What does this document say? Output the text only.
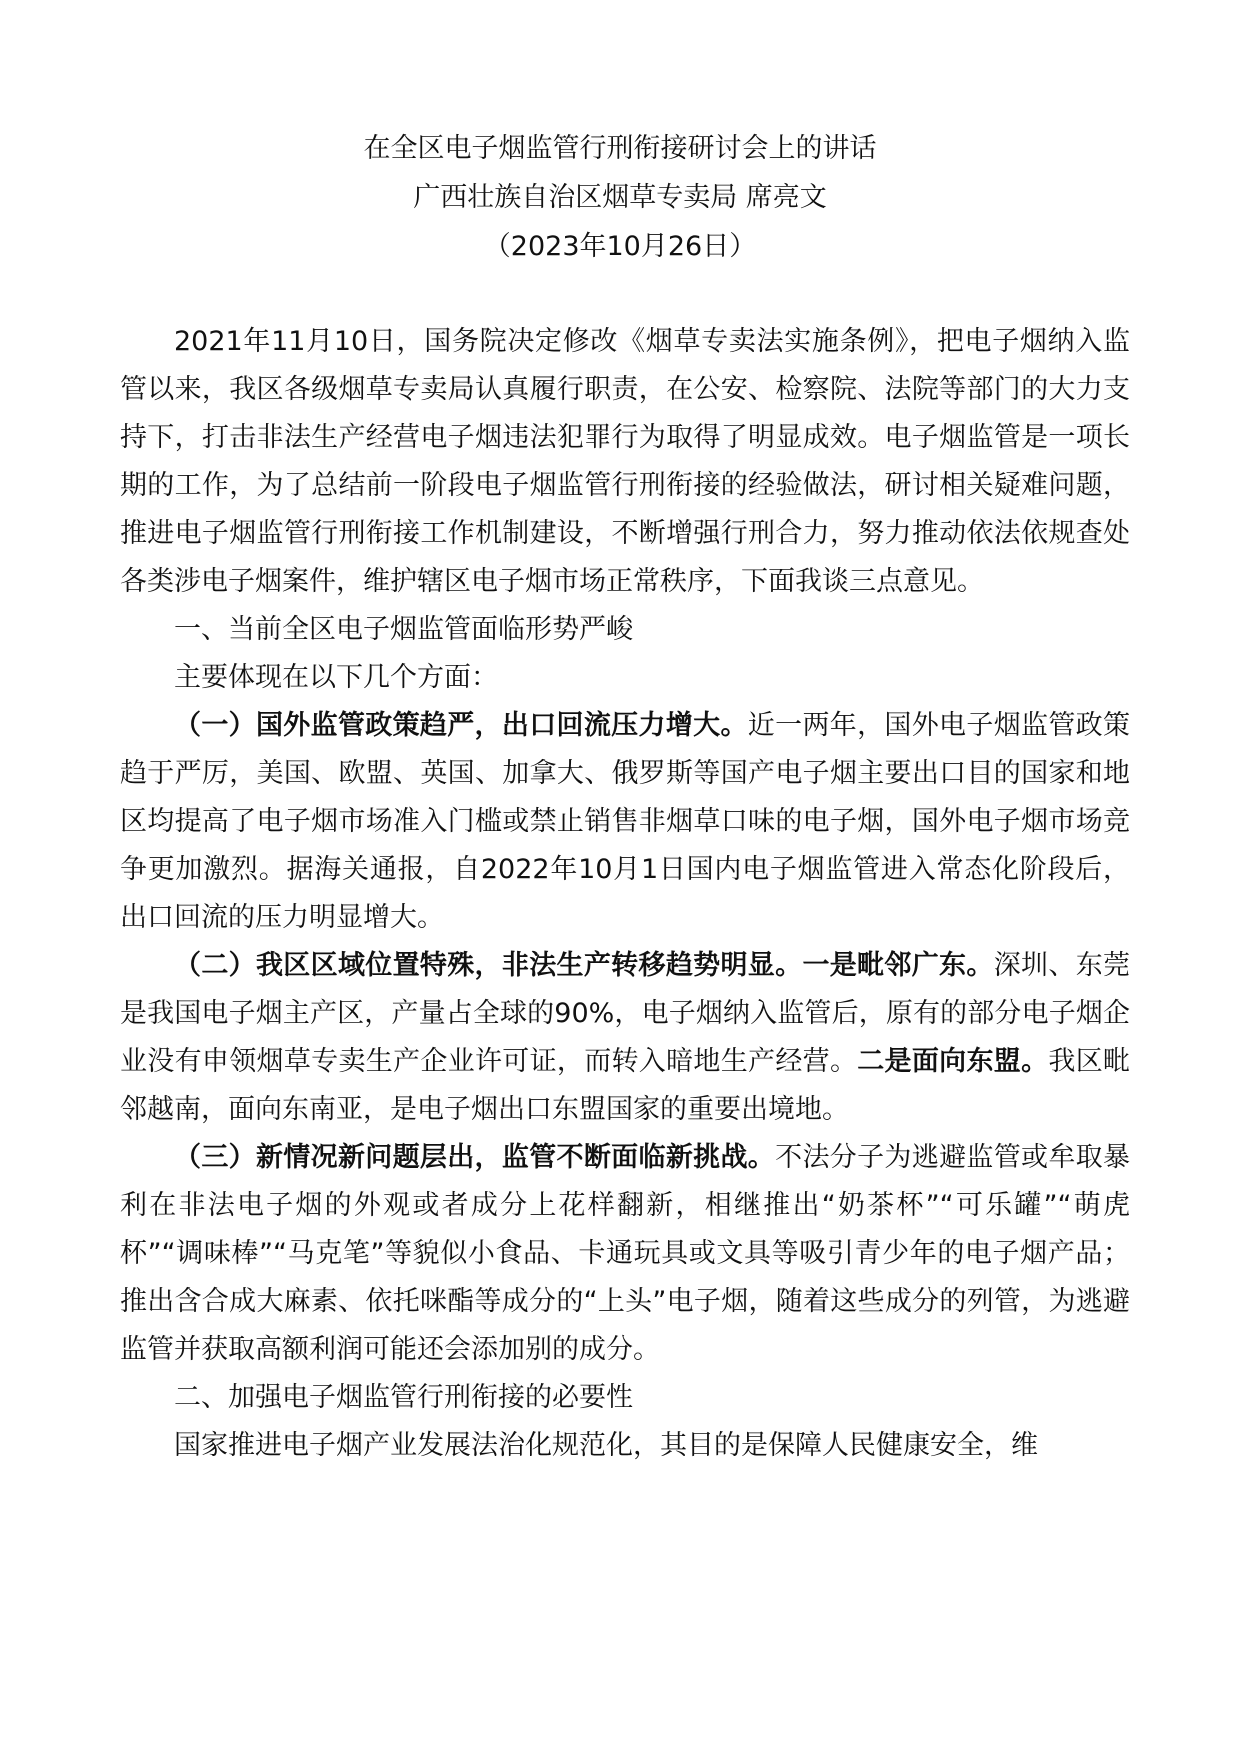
在全区电子烟监管行刑衔接研讨会上的讲话
广西壮族自治区烟草专卖局 席亮文
（2023年10月26日）

2021年11月10日，国务院决定修改《烟草专卖法实施条例》，把电子烟纳入监管以来，我区各级烟草专卖局认真履行职责，在公安、检察院、法院等部门的大力支持下，打击非法生产经营电子烟违法犯罪行为取得了明显成效。电子烟监管是一项长期的工作，为了总结前一阶段电子烟监管行刑衔接的经验做法，研讨相关疑难问题，推进电子烟监管行刑衔接工作机制建设，不断增强行刑合力，努力推动依法依规查处各类涉电子烟案件，维护辖区电子烟市场正常秩序，下面我谈三点意见。

一、当前全区电子烟监管面临形势严峻

主要体现在以下几个方面：

（一）国外监管政策趋严，出口回流压力增大。近一两年，国外电子烟监管政策趋于严厉，美国、欧盟、英国、加拿大、俄罗斯等国产电子烟主要出口目的国家和地区均提高了电子烟市场准入门槛或禁止销售非烟草口味的电子烟，国外电子烟市场竞争更加激烈。据海关通报，自2022年10月1日国内电子烟监管进入常态化阶段后，出口回流的压力明显增大。

（二）我区区域位置特殊，非法生产转移趋势明显。一是毗邻广东。深圳、东莞是我国电子烟主产区，产量占全球的90%，电子烟纳入监管后，原有的部分电子烟企业没有申领烟草专卖生产企业许可证，而转入暗地生产经营。二是面向东盟。我区毗邻越南，面向东南亚，是电子烟出口东盟国家的重要出境地。

（三）新情况新问题层出，监管不断面临新挑战。不法分子为逃避监管或牟取暴利在非法电子烟的外观或者成分上花样翻新，相继推出“奶茶杯”“可乐罐”“萌虎杯”“调味棒”“马克笔”等貌似小食品、卡通玩具或文具等吸引青少年的电子烟产品；推出含合成大麻素、依托咪酯等成分的“上头”电子烟，随着这些成分的列管，为逃避监管并获取高额利润可能还会添加别的成分。

二、加强电子烟监管行刑衔接的必要性

国家推进电子烟产业发展法治化规范化，其目的是保障人民健康安全，维
